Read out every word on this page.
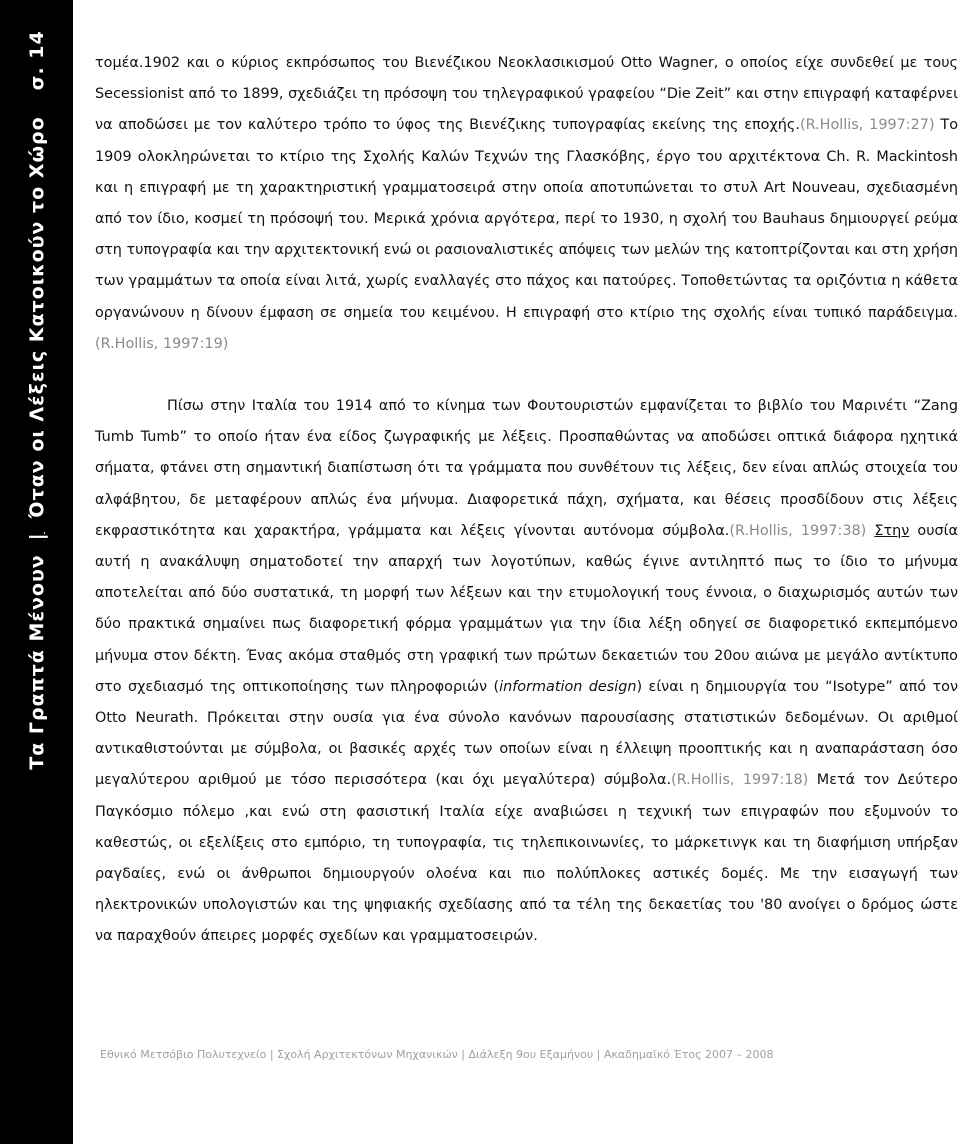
Τα Γραπτά Μένουν|Όταν οι Λέξεις Κατοικούν το Χώροσ. 14	τομέα.1902 και ο κύριος εκπρόσωπος του Βιενέζικου Νεοκλασικισμού Otto Wagner, ο οποίος είχε συνδεθεί με τους Secessionist από το 1899, σχεδιάζει τη πρόσοψη του τηλεγραφικού γραφείου “Die Zeit” και στην επιγραφή καταφέρνει να αποδώσει με τον καλύτερο τρόπο το ύφος της Βιενέζικης τυπογραφίας εκείνης της εποχής.(R.Hollis, 1997:27) Το 1909 ολοκληρώνεται το κτίριο της Σχολής Καλών Τεχνών της Γλασκόβης, έργο του αρχιτέκτονα Ch. R. Mackintosh και η επιγραφή με τη χαρακτηριστική γραμματοσειρά στην οποία αποτυπώνεται το στυλ Art Nouveau, σχεδιασμένη από τον ίδιο, κοσμεί τη πρόσοψή του. Μερικά χρόνια αργότερα, περί το 1930, η σχολή του Bauhaus δημιουργεί ρεύμα στη τυπογραφία και την αρχιτεκτονική ενώ οι ρασιοναλιστικές απόψεις των μελών της κατοπτρίζονται και στη χρήση των γραμμάτων τα οποία είναι λιτά, χωρίς εναλλαγές στο πάχος και πατούρες. Τοποθετώντας τα οριζόντια η κάθετα οργανώνουν η δίνουν έμφαση σε σημεία του κειμένου. Η επιγραφή στο κτίριο της σχολής είναι τυπικό παράδειγμα.(R.Hollis, 1997:19)

Πίσω στην Ιταλία του 1914 από το κίνημα των Φουτουριστών εμφανίζεται το βιβλίο του Μαρινέτι “Zang Tumb Tumb” το οποίο ήταν ένα είδος ζωγραφικής με λέξεις. Προσπαθώντας να αποδώσει οπτικά διάφορα ηχητικά σήματα, φτάνει στη σημαντική διαπίστωση ότι τα γράμματα που συνθέτουν τις λέξεις, δεν είναι απλώς στοιχεία του αλφάβητου, δε μεταφέρουν απλώς ένα μήνυμα. Διαφορετικά πάχη, σχήματα, και θέσεις προσδίδουν στις λέξεις εκφραστικότητα και χαρακτήρα, γράμματα και λέξεις γίνονται αυτόνομα σύμβολα.(R.Hollis, 1997:38) Στην ουσία αυτή η ανακάλυψη σηματοδοτεί την απαρχή των λογοτύπων, καθώς έγινε αντιληπτό πως το ίδιο το μήνυμα αποτελείται από δύο συστατικά, τη μορφή των λέξεων και την ετυμολογική τους έννοια, ο διαχωρισμός αυτών των δύο πρακτικά σημαίνει πως διαφορετική φόρμα γραμμάτων για την ίδια λέξη οδηγεί σε διαφορετικό εκπεμπόμενο μήνυμα στον δέκτη. Ένας ακόμα σταθμός στη γραφική των πρώτων δεκαετιών του 20ου αιώνα με μεγάλο αντίκτυπο στο σχεδιασμό της οπτικοποίησης των πληροφοριών (information design) είναι η δημιουργία του “Isotype” από τον Otto Neurath. Πρόκειται στην ουσία για ένα σύνολο κανόνων παρουσίασης στατιστικών δεδομένων. Οι αριθμοί αντικαθιστούνται με σύμβολα, οι βασικές αρχές των οποίων είναι η έλλειψη προοπτικής και η αναπαράσταση όσο μεγαλύτερου αριθμού με τόσο περισσότερα (και όχι μεγαλύτερα) σύμβολα.(R.Hollis, 1997:18) Μετά τον Δεύτερο Παγκόσμιο πόλεμο ,και ενώ στη φασιστική Ιταλία είχε αναβιώσει η τεχνική των επιγραφών που εξυμνούν το καθεστώς, οι εξελίξεις στο εμπόριο, τη τυπογραφία, τις τηλεπικοινωνίες, το μάρκετινγκ και τη διαφήμιση υπήρξαν ραγδαίες, ενώ οι άνθρωποι δημιουργούν ολοένα και πιο πολύπλοκες αστικές δομές. Με την εισαγωγή των ηλεκτρονικών υπολογιστών και της ψηφιακής σχεδίασης από τα τέλη της δεκαετίας του '80 ανοίγει ο δρόμος ώστε να παραχθούν άπειρες μορφές σχεδίων και γραμματοσειρών.

Εθνικό Μετσόβιο Πολυτεχνείο | Σχολή Αρχιτεκτόνων Μηχανικών | Διάλεξη 9ου Εξαμήνου | Ακαδημαϊκό Έτος 2007 – 2008
